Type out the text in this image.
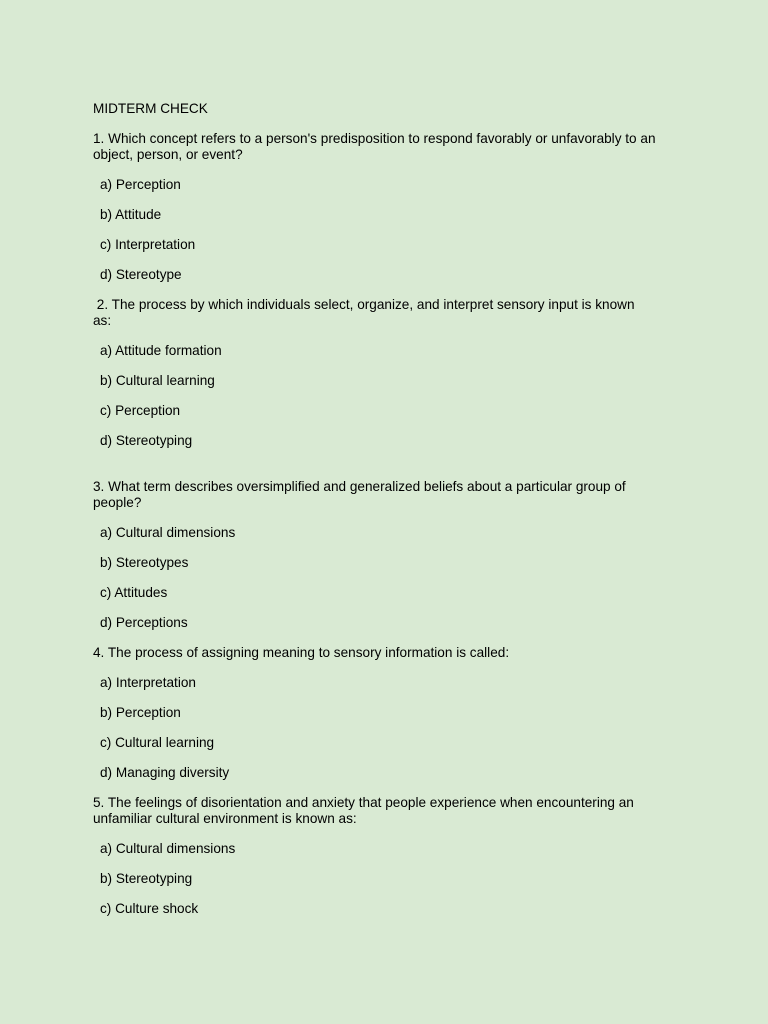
MIDTERM CHECK

1. Which concept refers to a person's predisposition to respond favorably or unfavorably to an object, person, or event?

a) Perception
b) Attitude
c) Interpretation
d) Stereotype

2. The process by which individuals select, organize, and interpret sensory input is known
as:

a) Attitude formation
b) Cultural learning
c) Perception
d) Stereotyping

3. What term describes oversimplified and generalized beliefs about a particular group of people?

a) Cultural dimensions
b) Stereotypes
c) Attitudes
d) Perceptions

4. The process of assigning meaning to sensory information is called:

a) Interpretation
b) Perception
c) Cultural learning
d) Managing diversity

5. The feelings of disorientation and anxiety that people experience when encountering an unfamiliar cultural environment is known as:

a) Cultural dimensions
b) Stereotyping
c) Culture shock
